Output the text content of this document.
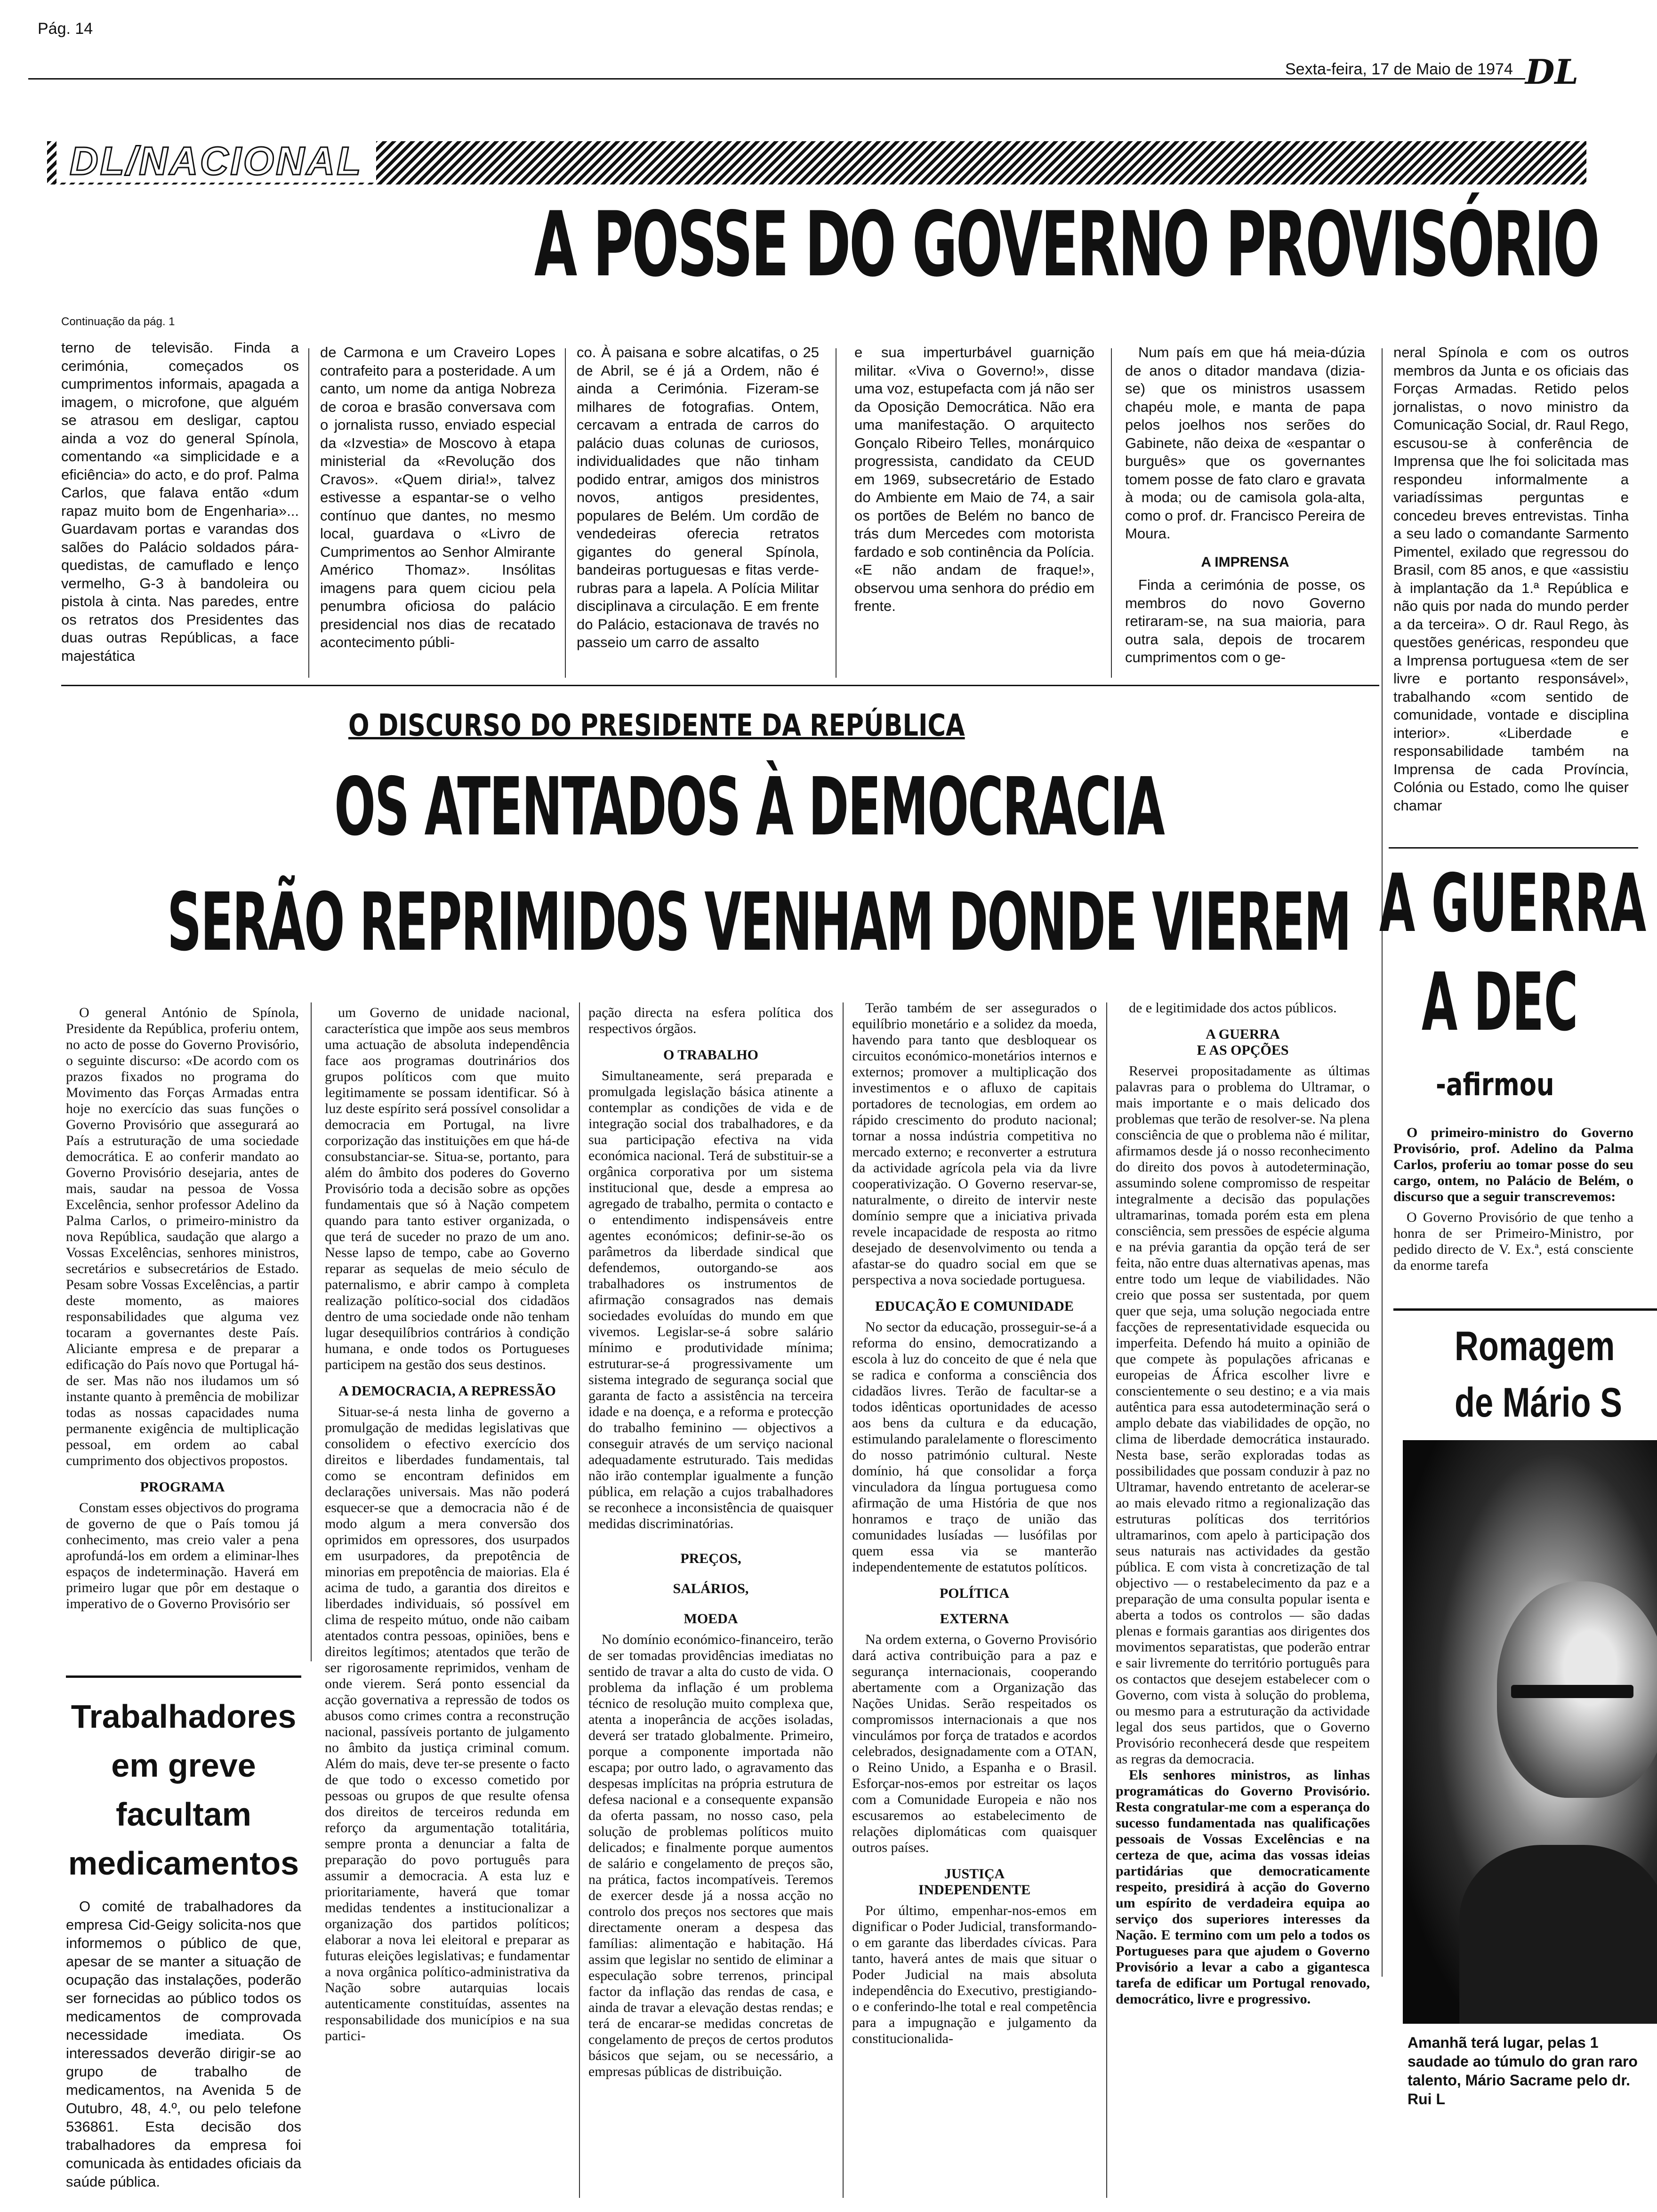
Pág. 14
Sexta-feira, 17 de Maio de 1974 DL
DL/NACIONAL
A POSSE DO GOVERNO PROVISÓRIO
Continuação da pág. 1

terno de televisão. Finda a cerimónia, começados os cumprimentos informais, apagada a imagem, o microfone, que alguém se atrasou em desligar, captou ainda a voz do general Spínola, comentando «a simplicidade e a eficiência» do acto, e do prof. Palma Carlos, que falava então «dum rapaz muito bom de Engenharia»... Guardavam portas e varandas dos salões do Palácio soldados pára-quedistas, de camuflado e lenço vermelho, G-3 à bandoleira ou pistola à cinta. Nas paredes, entre os retratos dos Presidentes das duas outras Repúblicas, a face majestática

de Carmona e um Craveiro Lopes contrafeito para a posteridade. A um canto, um nome da antiga Nobreza de coroa e brasão conversava com o jornalista russo, enviado especial da «Izvestia» de Moscovo à etapa ministerial da «Revolução dos Cravos». «Quem diria!», talvez estivesse a espantar-se o velho contínuo que dantes, no mesmo local, guardava o «Livro de Cumprimentos ao Senhor Almirante Américo Thomaz». Insólitas imagens para quem ciciou pela penumbra oficiosa do palácio presidencial nos dias de recatado acontecimento públi-

co. À paisana e sobre alcatifas, o 25 de Abril, se é já a Ordem, não é ainda a Cerimónia. Fizeram-se milhares de fotografias. Ontem, cercavam a entrada de carros do palácio duas colunas de curiosos, individualidades que não tinham podido entrar, amigos dos ministros novos, antigos presidentes, populares de Belém. Um cordão de vendedeiras oferecia retratos gigantes do general Spínola, bandeiras portuguesas e fitas verde-rubras para a lapela. A Polícia Militar disciplinava a circulação. E em frente do Palácio, estacionava de través no passeio um carro de assalto

e sua imperturbável guarnição militar. «Viva o Governo!», disse uma voz, estupefacta com já não ser da Oposição Democrática. Não era uma manifestação. O arquitecto Gonçalo Ribeiro Telles, monárquico progressista, candidato da CEUD em 1969, subsecretário de Estado do Ambiente em Maio de 74, a sair os portões de Belém no banco de trás dum Mercedes com motorista fardado e sob continência da Polícia. «E não andam de fraque!», observou uma senhora do prédio em frente.

Num país em que há meia-dúzia de anos o ditador mandava (dizia-se) que os ministros usassem chapéu mole, e manta de papa pelos joelhos nos serões do Gabinete, não deixa de «espantar o burguês» que os governantes tomem posse de fato claro e gravata à moda; ou de camisola gola-alta, como o prof. dr. Francisco Pereira de Moura.

A IMPRENSA

Finda a cerimónia de posse, os membros do novo Governo retiraram-se, na sua maioria, para outra sala, depois de trocarem cumprimentos com o ge-

neral Spínola e com os outros membros da Junta e os oficiais das Forças Armadas. Retido pelos jornalistas, o novo ministro da Comunicação Social, dr. Raul Rego, escusou-se à conferência de Imprensa que lhe foi solicitada mas respondeu informalmente a variadíssimas perguntas e concedeu breves entrevistas. Tinha a seu lado o comandante Sarmento Pimentel, exilado que regressou do Brasil, com 85 anos, e que «assistiu à implantação da 1.ª República e não quis por nada do mundo perder a da terceira». O dr. Raul Rego, às questões genéricas, respondeu que a Imprensa portuguesa «tem de ser livre e portanto responsável», trabalhando «com sentido de comunidade, vontade e disciplina interior». «Liberdade e responsabilidade também na Imprensa de cada Província, Colónia ou Estado, como lhe quiser chamar

O DISCURSO DO PRESIDENTE DA REPÚBLICA
OS ATENTADOS À DEMOCRACIA
SERÃO REPRIMIDOS VENHAM DONDE VIEREM

O general António de Spínola, Presidente da República, proferiu ontem, no acto de posse do Governo Provisório, o seguinte discurso: «De acordo com os prazos fixados no programa do Movimento das Forças Armadas entra hoje no exercício das suas funções o Governo Provisório que assegurará ao País a estruturação de uma sociedade democrática. E ao conferir mandato ao Governo Provisório desejaria, antes de mais, saudar na pessoa de Vossa Excelência, senhor professor Adelino da Palma Carlos, o primeiro-ministro da nova República, saudação que alargo a Vossas Excelências, senhores ministros, secretários e subsecretários de Estado. Pesam sobre Vossas Excelências, a partir deste momento, as maiores responsabilidades que alguma vez tocaram a governantes deste País. Aliciante empresa e de preparar a edificação do País novo que Portugal há-de ser. Mas não nos iludamos um só instante quanto à premência de mobilizar todas as nossas capacidades numa permanente exigência de multiplicação pessoal, em ordem ao cabal cumprimento dos objectivos propostos.

PROGRAMA

Constam esses objectivos do programa de governo de que o País tomou já conhecimento, mas creio valer a pena aprofundá-los em ordem a eliminar-lhes espaços de indeterminação. Haverá em primeiro lugar que pôr em destaque o imperativo de o Governo Provisório ser

Trabalhadores
em greve
facultam
medicamentos
O comité de trabalhadores da empresa Cid-Geigy solicita-nos que informemos o público de que, apesar de se manter a situação de ocupação das instalações, poderão ser fornecidas ao público todos os medicamentos de comprovada necessidade imediata. Os interessados deverão dirigir-se ao grupo de trabalho de medicamentos, na Avenida 5 de Outubro, 48, 4.º, ou pelo telefone 536861. Esta decisão dos trabalhadores da empresa foi comunicada às entidades oficiais da saúde pública.

um Governo de unidade nacional, característica que impõe aos seus membros uma actuação de absoluta independência face aos programas doutrinários dos grupos políticos com que muito legitimamente se possam identificar. Só à luz deste espírito será possível consolidar a democracia em Portugal, na livre corporização das instituições em que há-de consubstanciar-se. Situa-se, portanto, para além do âmbito dos poderes do Governo Provisório toda a decisão sobre as opções fundamentais que só à Nação competem quando para tanto estiver organizada, o que terá de suceder no prazo de um ano. Nesse lapso de tempo, cabe ao Governo reparar as sequelas de meio século de paternalismo, e abrir campo à completa realização político-social dos cidadãos dentro de uma sociedade onde não tenham lugar desequilíbrios contrários à condição humana, e onde todos os Portugueses participem na gestão dos seus destinos.

A DEMOCRACIA, A REPRESSÃO

Situar-se-á nesta linha de governo a promulgação de medidas legislativas que consolidem o efectivo exercício dos direitos e liberdades fundamentais, tal como se encontram definidos em declarações universais. Mas não poderá esquecer-se que a democracia não é de modo algum a mera conversão dos oprimidos em opressores, dos usurpados em usurpadores, da prepotência de minorias em prepotência de maiorias. Ela é acima de tudo, a garantia dos direitos e liberdades individuais, só possível em clima de respeito mútuo, onde não caibam atentados contra pessoas, opiniões, bens e direitos legítimos; atentados que terão de ser rigorosamente reprimidos, venham de onde vierem. Será ponto essencial da acção governativa a repressão de todos os abusos como crimes contra a reconstrução nacional, passíveis portanto de julgamento no âmbito da justiça criminal comum. Além do mais, deve ter-se presente o facto de que todo o excesso cometido por pessoas ou grupos de que resulte ofensa dos direitos de terceiros redunda em reforço da argumentação totalitária, sempre pronta a denunciar a falta de preparação do povo português para assumir a democracia. A esta luz e prioritariamente, haverá que tomar medidas tendentes a institucionalizar a organização dos partidos políticos; elaborar a nova lei eleitoral e preparar as futuras eleições legislativas; e fundamentar a nova orgânica político-administrativa da Nação sobre autarquias locais autenticamente constituídas, assentes na responsabilidade dos municípios e na sua partici-

pação directa na esfera política dos respectivos órgãos.

O TRABALHO

Simultaneamente, será preparada e promulgada legislação básica atinente a contemplar as condições de vida e de integração social dos trabalhadores, e da sua participação efectiva na vida económica nacional. Terá de substituir-se a orgânica corporativa por um sistema institucional que, desde a empresa ao agregado de trabalho, permita o contacto e o entendimento indispensáveis entre agentes económicos; definir-se-ão os parâmetros da liberdade sindical que defendemos, outorgando-se aos trabalhadores os instrumentos de afirmação consagrados nas demais sociedades evoluídas do mundo em que vivemos. Legislar-se-á sobre salário mínimo e produtividade mínima; estruturar-se-á progressivamente um sistema integrado de segurança social que garanta de facto a assistência na terceira idade e na doença, e a reforma e protecção do trabalho feminino — objectivos a conseguir através de um serviço nacional adequadamente estruturado. Tais medidas não irão contemplar igualmente a função pública, em relação a cujos trabalhadores se reconhece a inconsistência de quaisquer medidas discriminatórias.

PREÇOS,
SALÁRIOS,
MOEDA

No domínio económico-financeiro, terão de ser tomadas providências imediatas no sentido de travar a alta do custo de vida. O problema da inflação é um problema técnico de resolução muito complexa que, atenta a inoperância de acções isoladas, deverá ser tratado globalmente. Primeiro, porque a componente importada não escapa; por outro lado, o agravamento das despesas implícitas na própria estrutura de defesa nacional e a consequente expansão da oferta passam, no nosso caso, pela solução de problemas políticos muito delicados; e finalmente porque aumentos de salário e congelamento de preços são, na prática, factos incompatíveis. Teremos de exercer desde já a nossa acção no controlo dos preços nos sectores que mais directamente oneram a despesa das famílias: alimentação e habitação. Há assim que legislar no sentido de eliminar a especulação sobre terrenos, principal factor da inflação das rendas de casa, e ainda de travar a elevação destas rendas; e terá de encarar-se medidas concretas de congelamento de preços de certos produtos básicos que sejam, ou se necessário, a empresas públicas de distribuição.

Terão também de ser assegurados o equilíbrio monetário e a solidez da moeda, havendo para tanto que desbloquear os circuitos económico-monetários internos e externos; promover a multiplicação dos investimentos e o afluxo de capitais portadores de tecnologias, em ordem ao rápido crescimento do produto nacional; tornar a nossa indústria competitiva no mercado externo; e reconverter a estrutura da actividade agrícola pela via da livre cooperativização. O Governo reservar-se, naturalmente, o direito de intervir neste domínio sempre que a iniciativa privada revele incapacidade de resposta ao ritmo desejado de desenvolvimento ou tenda a afastar-se do quadro social em que se perspectiva a nova sociedade portuguesa.

EDUCAÇÃO E COMUNIDADE

No sector da educação, prosseguir-se-á a reforma do ensino, democratizando a escola à luz do conceito de que é nela que se radica e conforma a consciência dos cidadãos livres. Terão de facultar-se a todos idênticas oportunidades de acesso aos bens da cultura e da educação, estimulando paralelamente o florescimento do nosso património cultural. Neste domínio, há que consolidar a força vinculadora da língua portuguesa como afirmação de uma História de que nos honramos e traço de união das comunidades lusíadas — lusófilas por quem essa via se manterão independentemente de estatutos políticos.

POLÍTICA
EXTERNA

Na ordem externa, o Governo Provisório dará activa contribuição para a paz e segurança internacionais, cooperando abertamente com a Organização das Nações Unidas. Serão respeitados os compromissos internacionais a que nos vinculámos por força de tratados e acordos celebrados, designadamente com a OTAN, o Reino Unido, a Espanha e o Brasil. Esforçar-nos-emos por estreitar os laços com a Comunidade Europeia e não nos escusaremos ao estabelecimento de relações diplomáticas com quaisquer outros países.

JUSTIÇA
INDEPENDENTE

Por último, empenhar-nos-emos em dignificar o Poder Judicial, transformando-o em garante das liberdades cívicas. Para tanto, haverá antes de mais que situar o Poder Judicial na mais absoluta independência do Executivo, prestigiando-o e conferindo-lhe total e real competência para a impugnação e julgamento da constitucionalida-

de e legitimidade dos actos públicos.

A GUERRA
E AS OPÇÕES

Reservei propositadamente as últimas palavras para o problema do Ultramar, o mais importante e o mais delicado dos problemas que terão de resolver-se. Na plena consciência de que o problema não é militar, afirmamos desde já o nosso reconhecimento do direito dos povos à autodeterminação, assumindo solene compromisso de respeitar integralmente a decisão das populações ultramarinas, tomada porém esta em plena consciência, sem pressões de espécie alguma e na prévia garantia da opção terá de ser feita, não entre duas alternativas apenas, mas entre todo um leque de viabilidades. Não creio que possa ser sustentada, por quem quer que seja, uma solução negociada entre facções de representatividade esquecida ou imperfeita. Defendo há muito a opinião de que compete às populações africanas e europeias de África escolher livre e conscientemente o seu destino; e a via mais autêntica para essa autodeterminação será o amplo debate das viabilidades de opção, no clima de liberdade democrática instaurado. Nesta base, serão exploradas todas as possibilidades que possam conduzir à paz no Ultramar, havendo entretanto de acelerar-se ao mais elevado ritmo a regionalização das estruturas políticas dos territórios ultramarinos, com apelo à participação dos seus naturais nas actividades da gestão pública. E com vista à concretização de tal objectivo — o restabelecimento da paz e a preparação de uma consulta popular isenta e aberta a todos os controlos — são dadas plenas e formais garantias aos dirigentes dos movimentos separatistas, que poderão entrar e sair livremente do território português para os contactos que desejem estabelecer com o Governo, com vista à solução do problema, ou mesmo para a estruturação da actividade legal dos seus partidos, que o Governo Provisório reconhecerá desde que respeitem as regras da democracia.

Els senhores ministros, as linhas programáticas do Governo Provisório. Resta congratular-me com a esperança do sucesso fundamentada nas qualificações pessoais de Vossas Excelências e na certeza de que, acima das vossas ideias partidárias que democraticamente respeito, presidirá à acção do Governo um espírito de verdadeira equipa ao serviço dos superiores interesses da Nação. E termino com um pelo a todos os Portugueses para que ajudem o Governo Provisório a levar a cabo a gigantesca tarefa de edificar um Portugal renovado, democrático, livre e progressivo.

A GUERRA
A DEC
-afirmou
O primeiro-ministro do Governo Provisório, prof. Adelino da Palma Carlos, proferiu ao tomar posse do seu cargo, ontem, no Palácio de Belém, o discurso que a seguir transcrevemos:
O Governo Provisório de que tenho a honra de ser Primeiro-Ministro, por pedido directo de V. Ex.ª, está consciente da enorme tarefa
Romagem
de Mário S
Amanhã terá lugar, pelas 1 saudade ao túmulo do gran raro talento, Mário Sacrame pelo dr. Rui L
